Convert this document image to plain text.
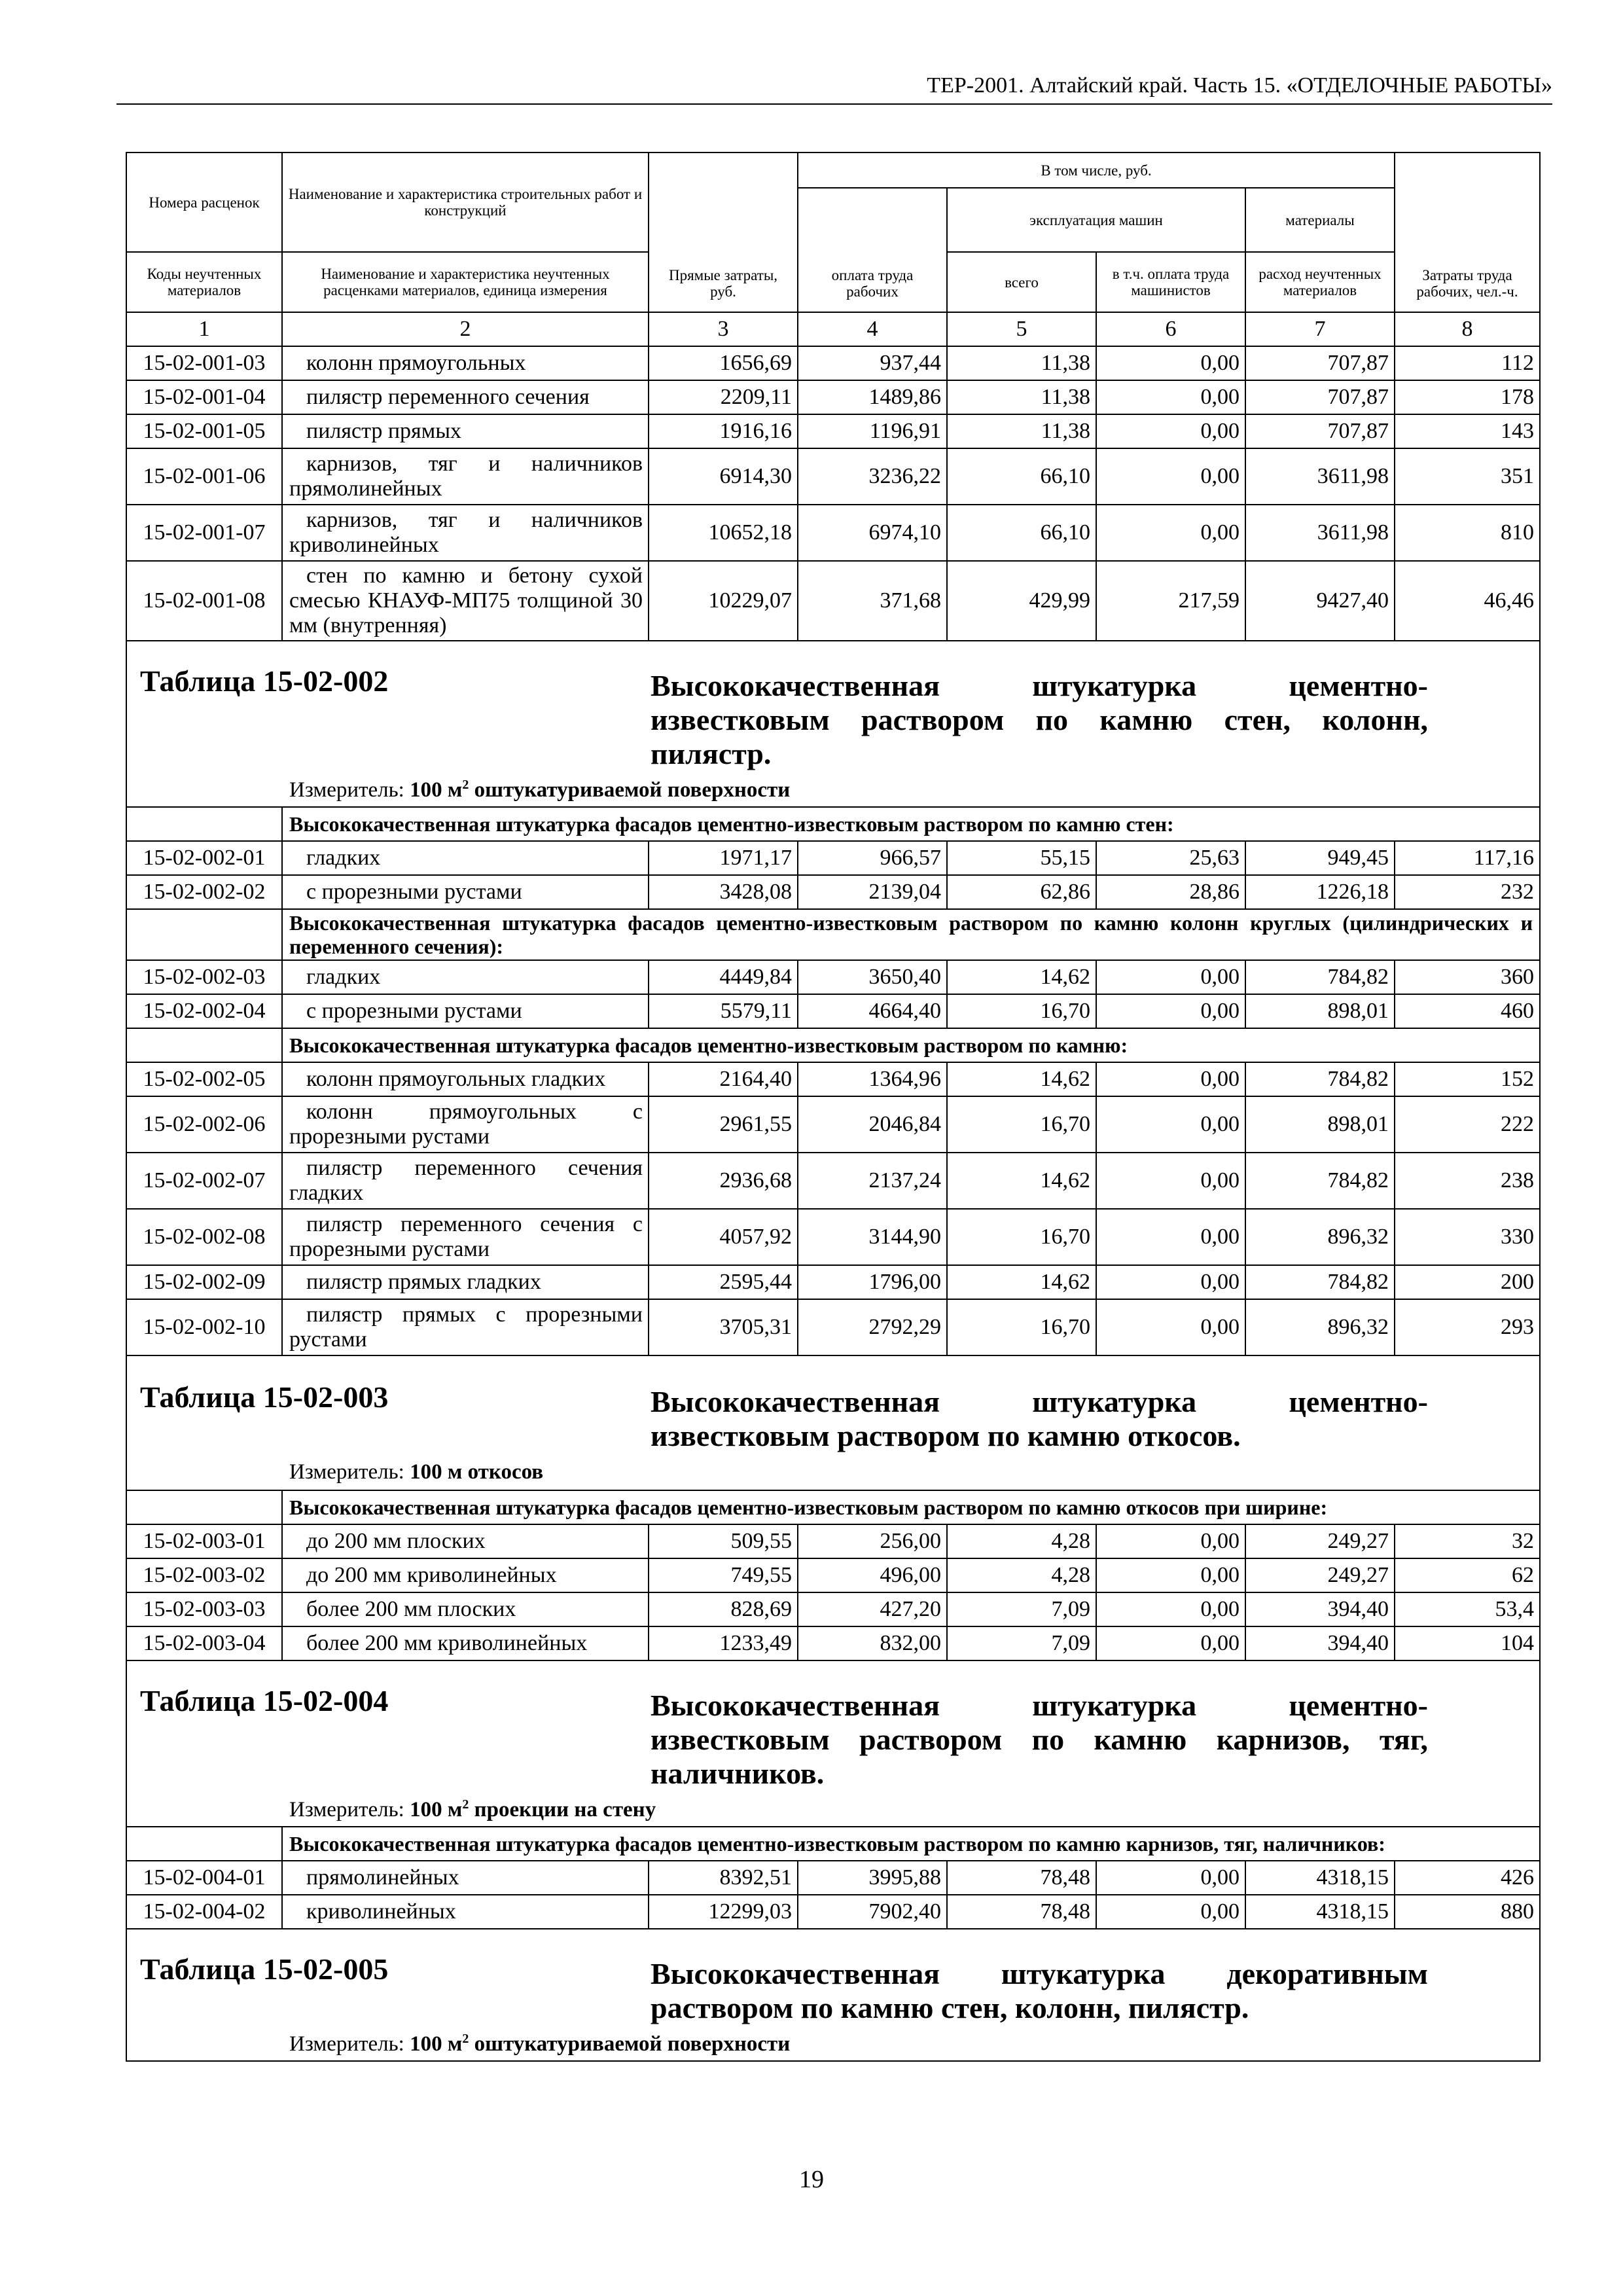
ТЕР-2001. Алтайский край. Часть 15. «ОТДЕЛОЧНЫЕ РАБОТЫ»
Номера расценок	Наименование и характеристика строительных работ и конструкций	Прямые затраты, руб.	В том числе, руб.				Затраты труда рабочих, чел.-ч.
			оплата труда рабочих	эксплуатация машин		материалы	
Коды неучтенных материалов	Наименование и характеристика неучтенных расценками материалов, единица измерения			всего	в т.ч. оплата труда машинистов	расход неучтенных материалов	
1	2	3	4	5	6	7	8
15-02-001-03	колонн прямоугольных	1656,69	937,44	11,38	0,00	707,87	112
15-02-001-04	пилястр переменного сечения	2209,11	1489,86	11,38	0,00	707,87	178
15-02-001-05	пилястр прямых	1916,16	1196,91	11,38	0,00	707,87	143
15-02-001-06	карнизов, тяг и наличников прямолинейных	6914,30	3236,22	66,10	0,00	3611,98	351
15-02-001-07	карнизов, тяг и наличников криволинейных	10652,18	6974,10	66,10	0,00	3611,98	810
15-02-001-08	стен по камню и бетону сухой смесью КНАУФ-МП75 толщиной 30 мм (внутренняя)	10229,07	371,68	429,99	217,59	9427,40	46,46

Таблица 15-02-002 Высококачественная штукатурка цементно-известковым раствором по камню стен, колонн, пилястр.
Измеритель: 100 $м^2$ оштукатуриваемой поверхности							

	Высококачественная штукатурка фасадов цементно-известковым раствором по камню стен:						
15-02-002-01	гладких	1971,17	966,57	55,15	25,63	949,45	117,16
15-02-002-02	с прорезными рустами	3428,08	2139,04	62,86	28,86	1226,18	232
	Высококачественная штукатурка фасадов цементно-известковым раствором по камню колонн круглых (цилиндрических и переменного сечения):						
15-02-002-03	гладких	4449,84	3650,40	14,62	0,00	784,82	360
15-02-002-04	с прорезными рустами	5579,11	4664,40	16,70	0,00	898,01	460
	Высококачественная штукатурка фасадов цементно-известковым раствором по камню:						
15-02-002-05	колонн прямоугольных гладких	2164,40	1364,96	14,62	0,00	784,82	152
15-02-002-06	колонн прямоугольных с прорезными рустами	2961,55	2046,84	16,70	0,00	898,01	222
15-02-002-07	пилястр переменного сечения гладких	2936,68	2137,24	14,62	0,00	784,82	238
15-02-002-08	пилястр переменного сечения с прорезными рустами	4057,92	3144,90	16,70	0,00	896,32	330
15-02-002-09	пилястр прямых гладких	2595,44	1796,00	14,62	0,00	784,82	200
15-02-002-10	пилястр прямых с прорезными рустами	3705,31	2792,29	16,70	0,00	896,32	293

Таблица 15-02-003 Высококачественная штукатурка цементно-известковым раствором по камню откосов.
Измеритель: 100 м откосов							

	Высококачественная штукатурка фасадов цементно-известковым раствором по камню откосов при ширине:						
15-02-003-01	до 200 мм плоских	509,55	256,00	4,28	0,00	249,27	32
15-02-003-02	до 200 мм криволинейных	749,55	496,00	4,28	0,00	249,27	62
15-02-003-03	более 200 мм плоских	828,69	427,20	7,09	0,00	394,40	53,4
15-02-003-04	более 200 мм криволинейных	1233,49	832,00	7,09	0,00	394,40	104

Таблица 15-02-004 Высококачественная штукатурка цементно-известковым раствором по камню карнизов, тяг, наличников.
Измеритель: 100 $м^2$ проекции на стену							

	Высококачественная штукатурка фасадов цементно-известковым раствором по камню карнизов, тяг, наличников:						
15-02-004-01	прямолинейных	8392,51	3995,88	78,48	0,00	4318,15	426
15-02-004-02	криволинейных	12299,03	7902,40	78,48	0,00	4318,15	880

Таблица 15-02-005 Высококачественная штукатурка декоративным раствором по камню стен, колонн, пилястр.
Измеритель: 100 $м^2$ оштукатуриваемой поверхности							
19
